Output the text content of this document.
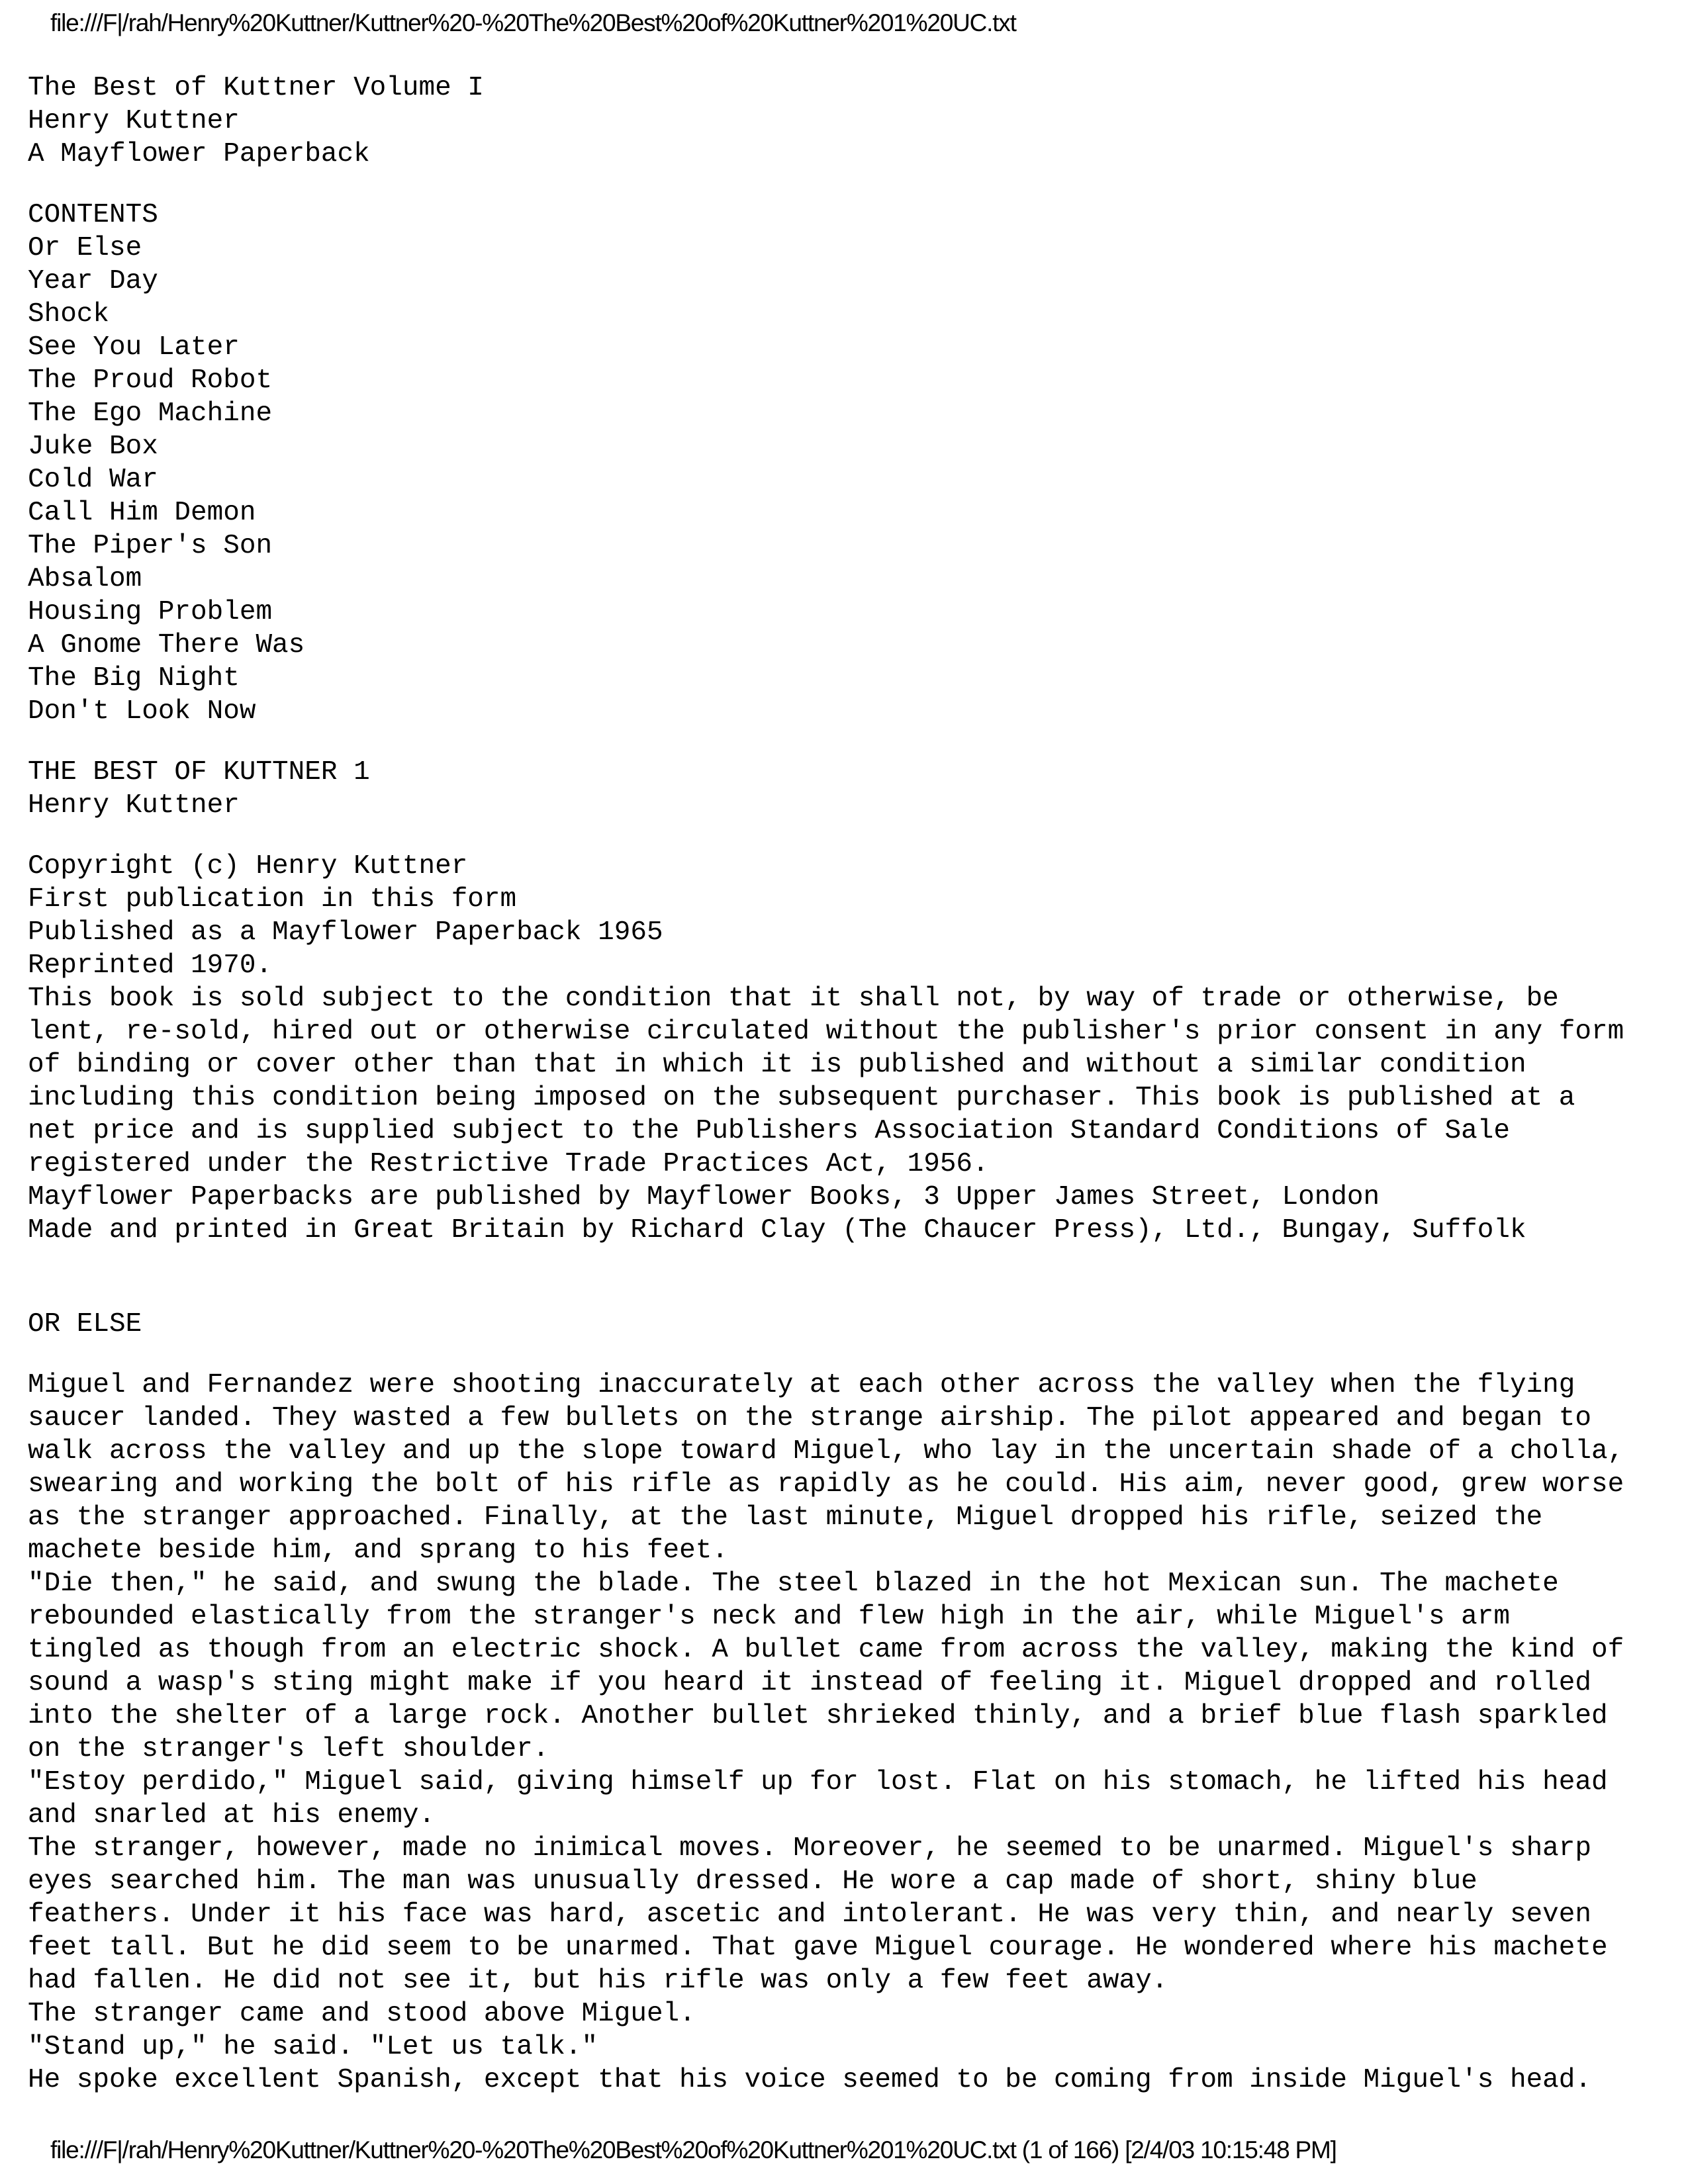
file:///F|/rah/Henry%20Kuttner/Kuttner%20-%20The%20Best%20of%20Kuttner%201%20UC.txt
The Best of Kuttner Volume I
Henry Kuttner
A Mayflower Paperback
CONTENTS
Or Else
Year Day
Shock
See You Later
The Proud Robot
The Ego Machine
Juke Box
Cold War
Call Him Demon
The Piper's Son
Absalom
Housing Problem
A Gnome There Was
The Big Night
Don't Look Now
THE BEST OF KUTTNER 1
Henry Kuttner
Copyright (c) Henry Kuttner
First publication in this form
Published as a Mayflower Paperback 1965
Reprinted 1970.
This book is sold subject to the condition that it shall not, by way of trade or otherwise, be
lent, re-sold, hired out or otherwise circulated without the publisher's prior consent in any form
of binding or cover other than that in which it is published and without a similar condition
including this condition being imposed on the subsequent purchaser. This book is published at a
net price and is supplied subject to the Publishers Association Standard Conditions of Sale
registered under the Restrictive Trade Practices Act, 1956.
Mayflower Paperbacks are published by Mayflower Books, 3 Upper James Street, London
Made and printed in Great Britain by Richard Clay (The Chaucer Press), Ltd., Bungay, Suffolk
OR ELSE
Miguel and Fernandez were shooting inaccurately at each other across the valley when the flying
saucer landed. They wasted a few bullets on the strange airship. The pilot appeared and began to
walk across the valley and up the slope toward Miguel, who lay in the uncertain shade of a cholla,
swearing and working the bolt of his rifle as rapidly as he could. His aim, never good, grew worse
as the stranger approached. Finally, at the last minute, Miguel dropped his rifle, seized the
machete beside him, and sprang to his feet.
"Die then," he said, and swung the blade. The steel blazed in the hot Mexican sun. The machete
rebounded elastically from the stranger's neck and flew high in the air, while Miguel's arm
tingled as though from an electric shock. A bullet came from across the valley, making the kind of
sound a wasp's sting might make if you heard it instead of feeling it. Miguel dropped and rolled
into the shelter of a large rock. Another bullet shrieked thinly, and a brief blue flash sparkled
on the stranger's left shoulder.
"Estoy perdido," Miguel said, giving himself up for lost. Flat on his stomach, he lifted his head
and snarled at his enemy.
The stranger, however, made no inimical moves. Moreover, he seemed to be unarmed. Miguel's sharp
eyes searched him. The man was unusually dressed. He wore a cap made of short, shiny blue
feathers. Under it his face was hard, ascetic and intolerant. He was very thin, and nearly seven
feet tall. But he did seem to be unarmed. That gave Miguel courage. He wondered where his machete
had fallen. He did not see it, but his rifle was only a few feet away.
The stranger came and stood above Miguel.
"Stand up," he said. "Let us talk."
He spoke excellent Spanish, except that his voice seemed to be coming from inside Miguel's head.
file:///F|/rah/Henry%20Kuttner/Kuttner%20-%20The%20Best%20of%20Kuttner%201%20UC.txt (1 of 166) [2/4/03 10:15:48 PM]
